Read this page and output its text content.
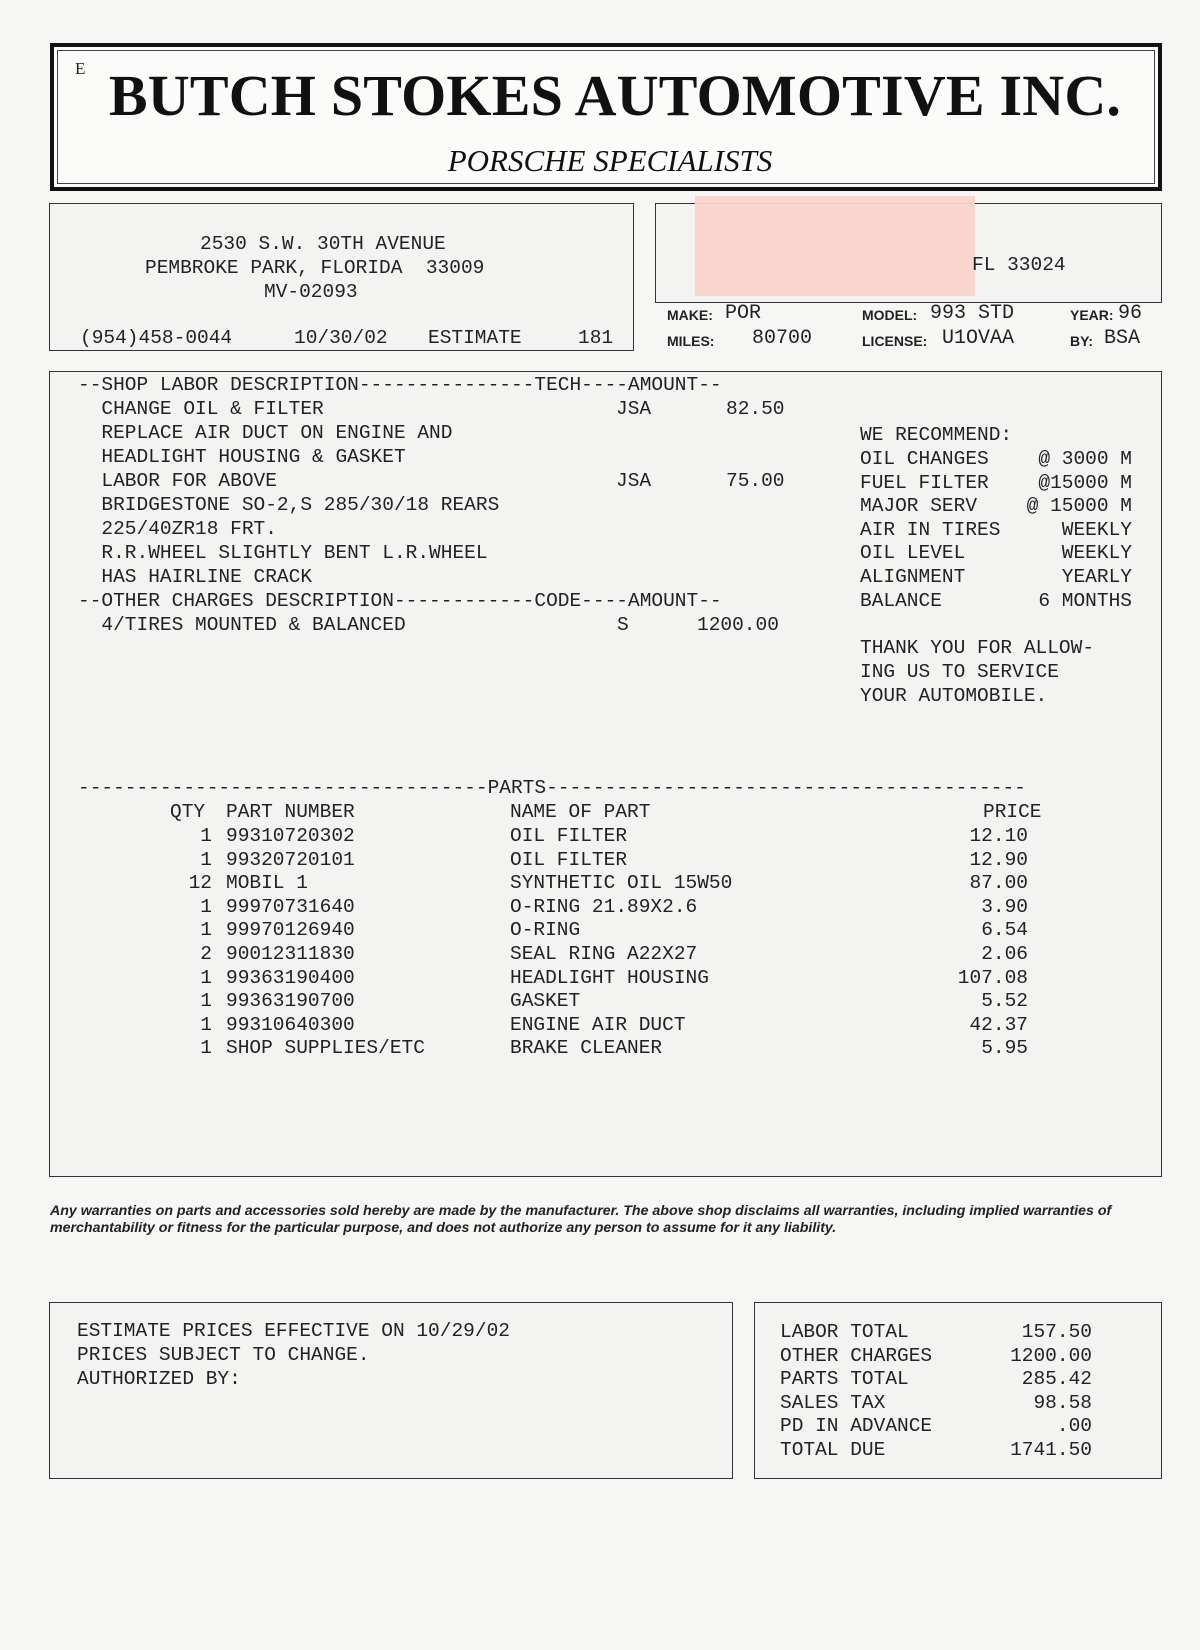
E BUTCH STOKES AUTOMOTIVE INC.
PORSCHE SPECIALISTS
2530 S.W. 30TH AVENUE
PEMBROKE PARK, FLORIDA  33009
MV-02093
(954)458-0044	10/30/02 ESTIMATE	181
FL 33024
MAKE: POR	MODEL: 993 STD	YEAR: 96
MILES: 80700	LICENSE: U1OVAA	BY: BSA
--SHOP LABOR DESCRIPTION---------------TECH----AMOUNT--
CHANGE OIL & FILTER	JSA	82.50
REPLACE AIR DUCT ON ENGINE AND
HEADLIGHT HOUSING & GASKET
LABOR FOR ABOVE	JSA	75.00
BRIDGESTONE SO-2,S 285/30/18 REARS
225/40ZR18 FRT.
R.R.WHEEL SLIGHTLY BENT L.R.WHEEL
HAS HAIRLINE CRACK
--OTHER CHARGES DESCRIPTION------------CODE----AMOUNT--
4/TIRES MOUNTED & BALANCED	S	1200.00
WE RECOMMEND:
OIL CHANGES	@ 3000 M
FUEL FILTER	@15000 M
MAJOR SERV	@ 15000 M
AIR IN TIRES	WEEKLY
OIL LEVEL	WEEKLY
ALIGNMENT	YEARLY
BALANCE	6 MONTHS
THANK YOU FOR ALLOW-
ING US TO SERVICE
YOUR AUTOMOBILE.
-----------------------------------PARTS-----------------------------------------
QTY PART NUMBER	NAME OF PART	PRICE
1 99310720302	OIL FILTER	12.10
1 99320720101	OIL FILTER	12.90
12 MOBIL 1	SYNTHETIC OIL 15W50	87.00
1 99970731640	O-RING 21.89X2.6	3.90
1 99970126940	O-RING	6.54
2 90012311830	SEAL RING A22X27	2.06
1 99363190400	HEADLIGHT HOUSING	107.08
1 99363190700	GASKET	5.52
1 99310640300	ENGINE AIR DUCT	42.37
1 SHOP SUPPLIES/ETC	BRAKE CLEANER	5.95
Any warranties on parts and accessories sold hereby are made by the manufacturer. The above shop disclaims all warranties, including implied warranties of merchantability or fitness for the particular purpose, and does not authorize any person to assume for it any liability.
ESTIMATE PRICES EFFECTIVE ON 10/29/02
PRICES SUBJECT TO CHANGE.
AUTHORIZED BY:
LABOR TOTAL	157.50
OTHER CHARGES	1200.00
PARTS TOTAL	285.42
SALES TAX	98.58
PD IN ADVANCE	.00
TOTAL DUE	1741.50
